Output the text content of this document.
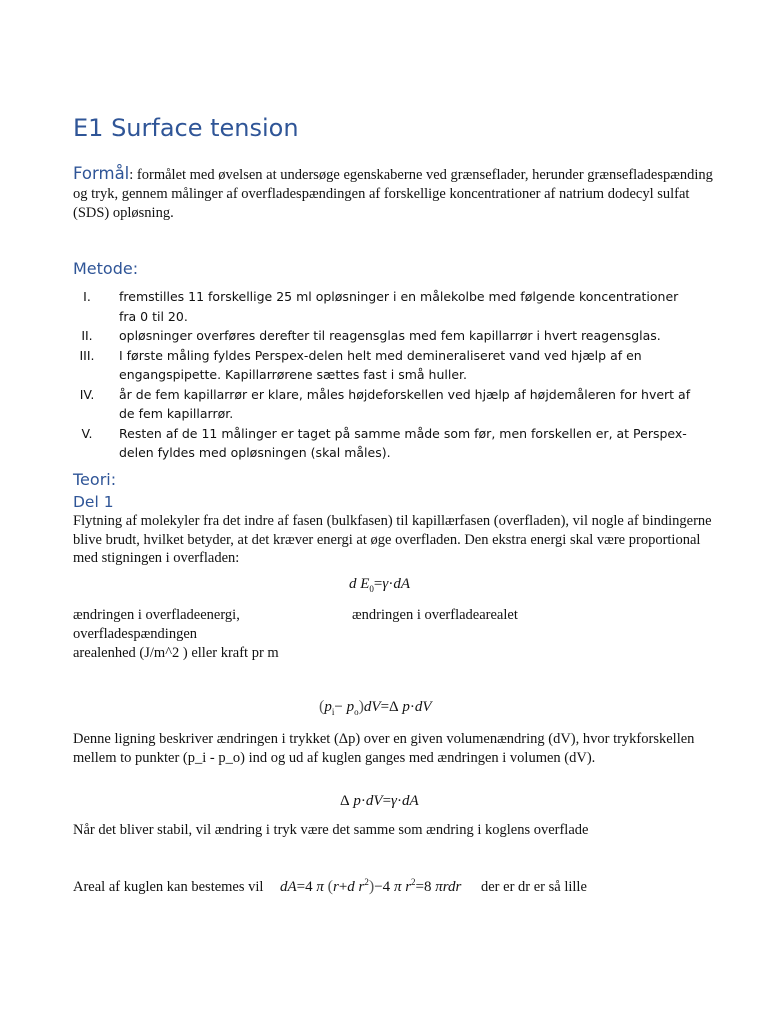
E1 Surface tension
Formål: formålet med øvelsen at undersøge egenskaberne ved grænseflader, herunder grænsefladespænding og tryk, gennem målinger af overfladespændingen af forskellige koncentrationer af natrium dodecyl sulfat (SDS) opløsning.
Metode:
I.	fremstilles 11 forskellige 25 ml opløsninger i en målekolbe med følgende koncentrationer fra 0 til 20.
II.	opløsninger overføres derefter til reagensglas med fem kapillarrør i hvert reagensglas.
III.	I første måling fyldes Perspex-delen helt med demineraliseret vand ved hjælp af en engangspipette. Kapillarrørene sættes fast i små huller.
IV.	år de fem kapillarrør er klare, måles højdeforskellen ved hjælp af højdemåleren for hvert af de fem kapillarrør.
V.	Resten af de 11 målinger er taget på samme måde som før, men forskellen er, at Perspex-delen fyldes med opløsningen (skal måles).
Teori:
Del 1
Flytning af molekyler fra det indre af fasen (bulkfasen) til kapillærfasen (overfladen), vil nogle af bindingerne blive brudt, hvilket betyder, at det kræver energi at øge overfladen. Den ekstra energi skal være proportional med stigningen i overfladen:
d $E_0=\gamma\cdot dA$
ændringen i overfladeenergi,	ændringen i overfladearealet
overfladespændingen
arealenhed (J/m^2 ) eller kraft pr m
$(p_i- p_o)dV=\Delta$ p·dV
Denne ligning beskriver ændringen i trykket (Δp) over en given volumenændring (dV), hvor trykforskellen mellem to punkter (p_i - p_o) ind og ud af kuglen ganges med ændringen i volumen (dV).
Δ p·dV=γ·dA
Når det bliver stabil, vil ændring i tryk være det samme som ændring i koglens overflade
Areal af kuglen kan bestemes vil dA=4 π (r+d $r^2)-4$ π $r^2=8$ πrdr der er dr er så lille
